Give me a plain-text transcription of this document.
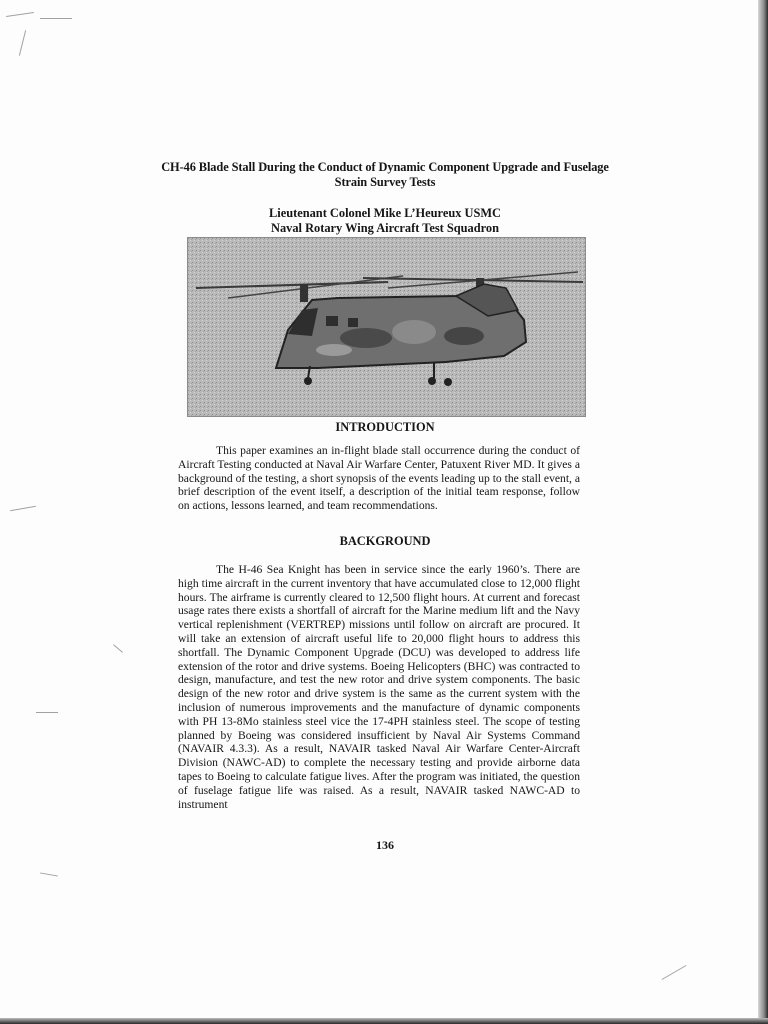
CH-46 Blade Stall During the Conduct of Dynamic Component Upgrade and Fuselage Strain Survey Tests
Lieutenant Colonel Mike L’Heureux USMC
Naval Rotary Wing Aircraft Test Squadron
INTRODUCTION

This paper examines an in-flight blade stall occurrence during the conduct of Aircraft Testing conducted at Naval Air Warfare Center, Patuxent River MD. It gives a background of the testing, a short synopsis of the events leading up to the stall event, a brief description of the event itself, a description of the initial team response, follow on actions, lessons learned, and team recommendations.

BACKGROUND

The H-46 Sea Knight has been in service since the early 1960’s. There are high time aircraft in the current inventory that have accumulated close to 12,000 flight hours. The airframe is currently cleared to 12,500 flight hours. At current and forecast usage rates there exists a shortfall of aircraft for the Marine medium lift and the Navy vertical replenishment (VERTREP) missions until follow on aircraft are procured. It will take an extension of aircraft useful life to 20,000 flight hours to address this shortfall. The Dynamic Component Upgrade (DCU) was developed to address life extension of the rotor and drive systems. Boeing Helicopters (BHC) was contracted to design, manufacture, and test the new rotor and drive system components. The basic design of the new rotor and drive system is the same as the current system with the inclusion of numerous improvements and the manufacture of dynamic components with PH 13-8Mo stainless steel vice the 17-4PH stainless steel. The scope of testing planned by Boeing was considered insufficient by Naval Air Systems Command (NAVAIR 4.3.3). As a result, NAVAIR tasked Naval Air Warfare Center-Aircraft Division (NAWC-AD) to complete the necessary testing and provide airborne data tapes to Boeing to calculate fatigue lives. After the program was initiated, the question of fuselage fatigue life was raised. As a result, NAVAIR tasked NAWC-AD to instrument

136
